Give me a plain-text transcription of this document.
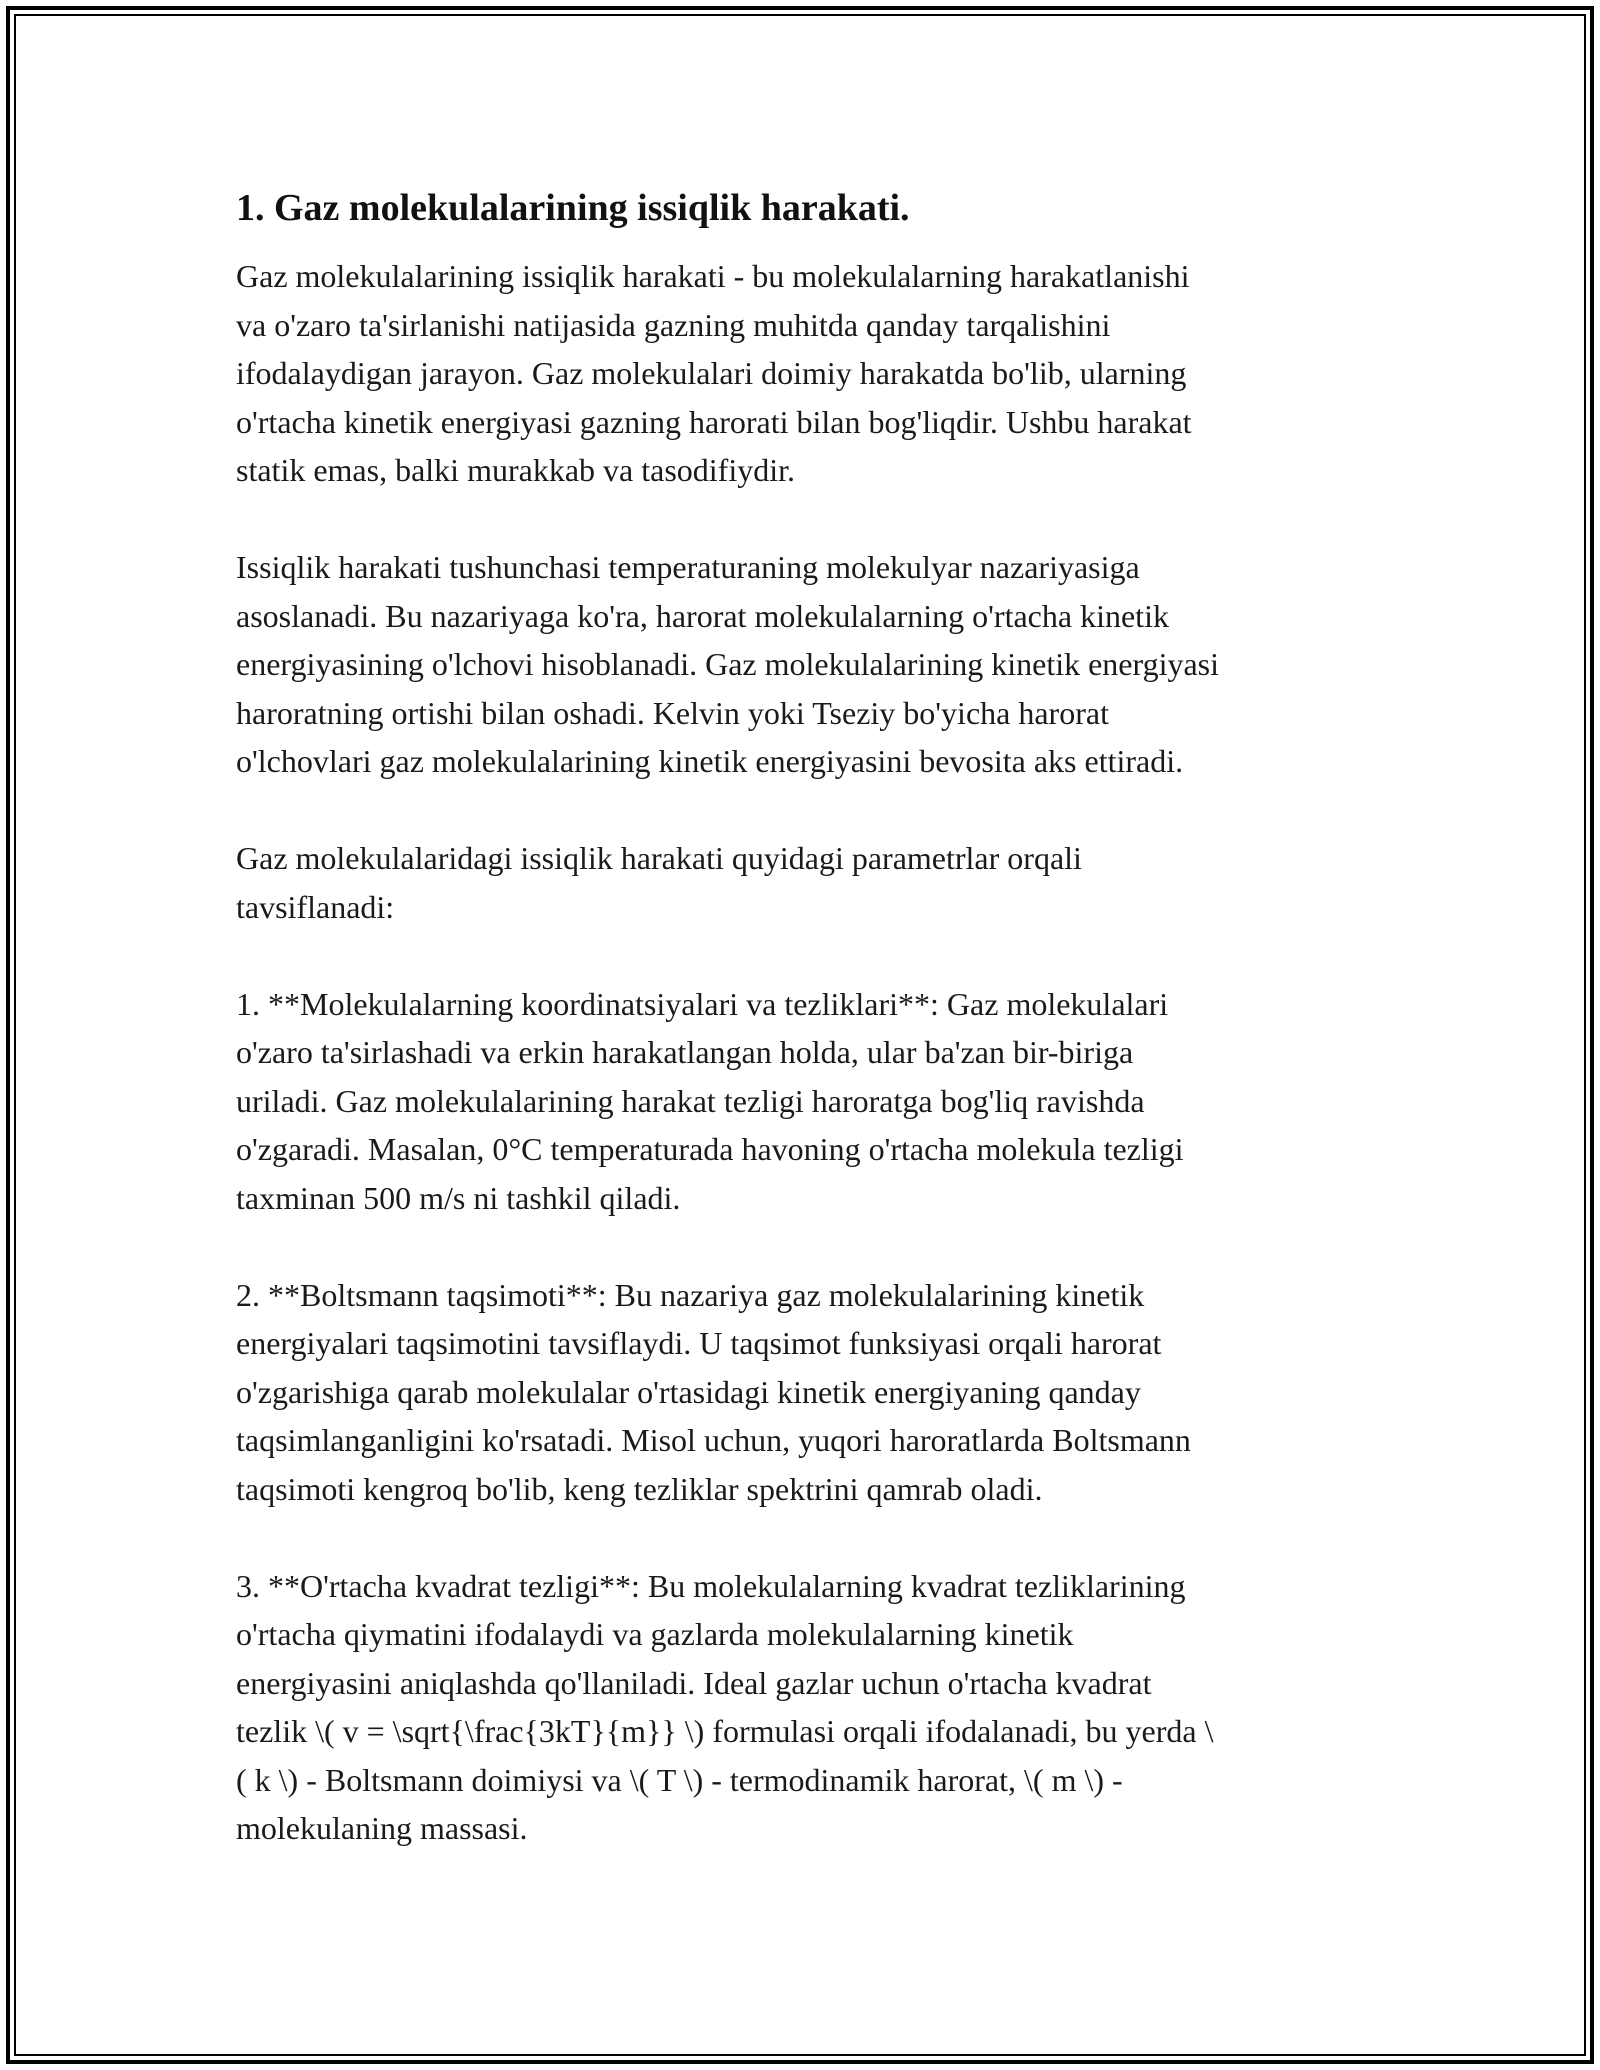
1. Gaz molekulalarining issiqlik harakati.

Gaz molekulalarining issiqlik harakati - bu molekulalarning harakatlanishi
va o'zaro ta'sirlanishi natijasida gazning muhitda qanday tarqalishini
ifodalaydigan jarayon. Gaz molekulalari doimiy harakatda bo'lib, ularning
o'rtacha kinetik energiyasi gazning harorati bilan bog'liqdir. Ushbu harakat
statik emas, balki murakkab va tasodifiydir.

Issiqlik harakati tushunchasi temperaturaning molekulyar nazariyasiga
asoslanadi. Bu nazariyaga ko'ra, harorat molekulalarning o'rtacha kinetik
energiyasining o'lchovi hisoblanadi. Gaz molekulalarining kinetik energiyasi
haroratning ortishi bilan oshadi. Kelvin yoki Tseziy bo'yicha harorat
o'lchovlari gaz molekulalarining kinetik energiyasini bevosita aks ettiradi.

Gaz molekulalaridagi issiqlik harakati quyidagi parametrlar orqali
tavsiflanadi:

1. **Molekulalarning koordinatsiyalari va tezliklari**: Gaz molekulalari
o'zaro ta'sirlashadi va erkin harakatlangan holda, ular ba'zan bir-biriga
uriladi. Gaz molekulalarining harakat tezligi haroratga bog'liq ravishda
o'zgaradi. Masalan, 0°C temperaturada havoning o'rtacha molekula tezligi
taxminan 500 m/s ni tashkil qiladi.

2. **Boltsmann taqsimoti**: Bu nazariya gaz molekulalarining kinetik
energiyalari taqsimotini tavsiflaydi. U taqsimot funksiyasi orqali harorat
o'zgarishiga qarab molekulalar o'rtasidagi kinetik energiyaning qanday
taqsimlanganligini ko'rsatadi. Misol uchun, yuqori haroratlarda Boltsmann
taqsimoti kengroq bo'lib, keng tezliklar spektrini qamrab oladi.

3. **O'rtacha kvadrat tezligi**: Bu molekulalarning kvadrat tezliklarining
o'rtacha qiymatini ifodalaydi va gazlarda molekulalarning kinetik
energiyasini aniqlashda qo'llaniladi. Ideal gazlar uchun o'rtacha kvadrat
tezlik \( v = \sqrt{\frac{3kT}{m}} \) formulasi orqali ifodalanadi, bu yerda \
( k \) - Boltsmann doimiysi va \( T \) - termodinamik harorat, \( m \) -
molekulaning massasi.
